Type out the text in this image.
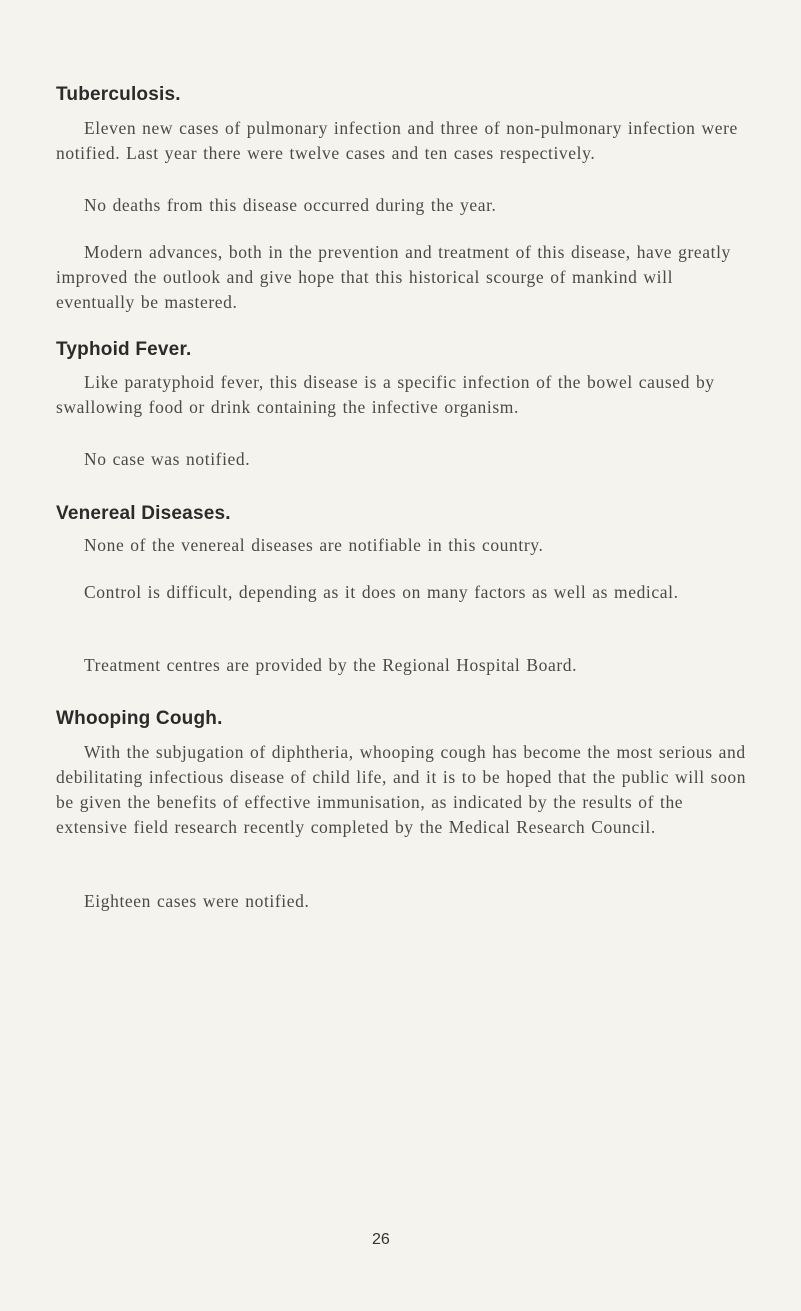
Tuberculosis.

Eleven new cases of pulmonary infection and three of non-pulmonary infection were notified. Last year there were twelve cases and ten cases respectively.

No deaths from this disease occurred during the year.

Modern advances, both in the prevention and treatment of this disease, have greatly improved the outlook and give hope that this historical scourge of mankind will eventually be mastered.

Typhoid Fever.

Like paratyphoid fever, this disease is a specific infection of the bowel caused by swallowing food or drink containing the infective organism.

No case was notified.

Venereal Diseases.

None of the venereal diseases are notifiable in this country.

Control is difficult, depending as it does on many factors as well as medical.

Treatment centres are provided by the Regional Hospital Board.

Whooping Cough.

With the subjugation of diphtheria, whooping cough has become the most serious and debilitating infectious disease of child life, and it is to be hoped that the public will soon be given the benefits of effective immunisation, as indicated by the results of the extensive field research recently completed by the Medical Research Council.

Eighteen cases were notified.

26
